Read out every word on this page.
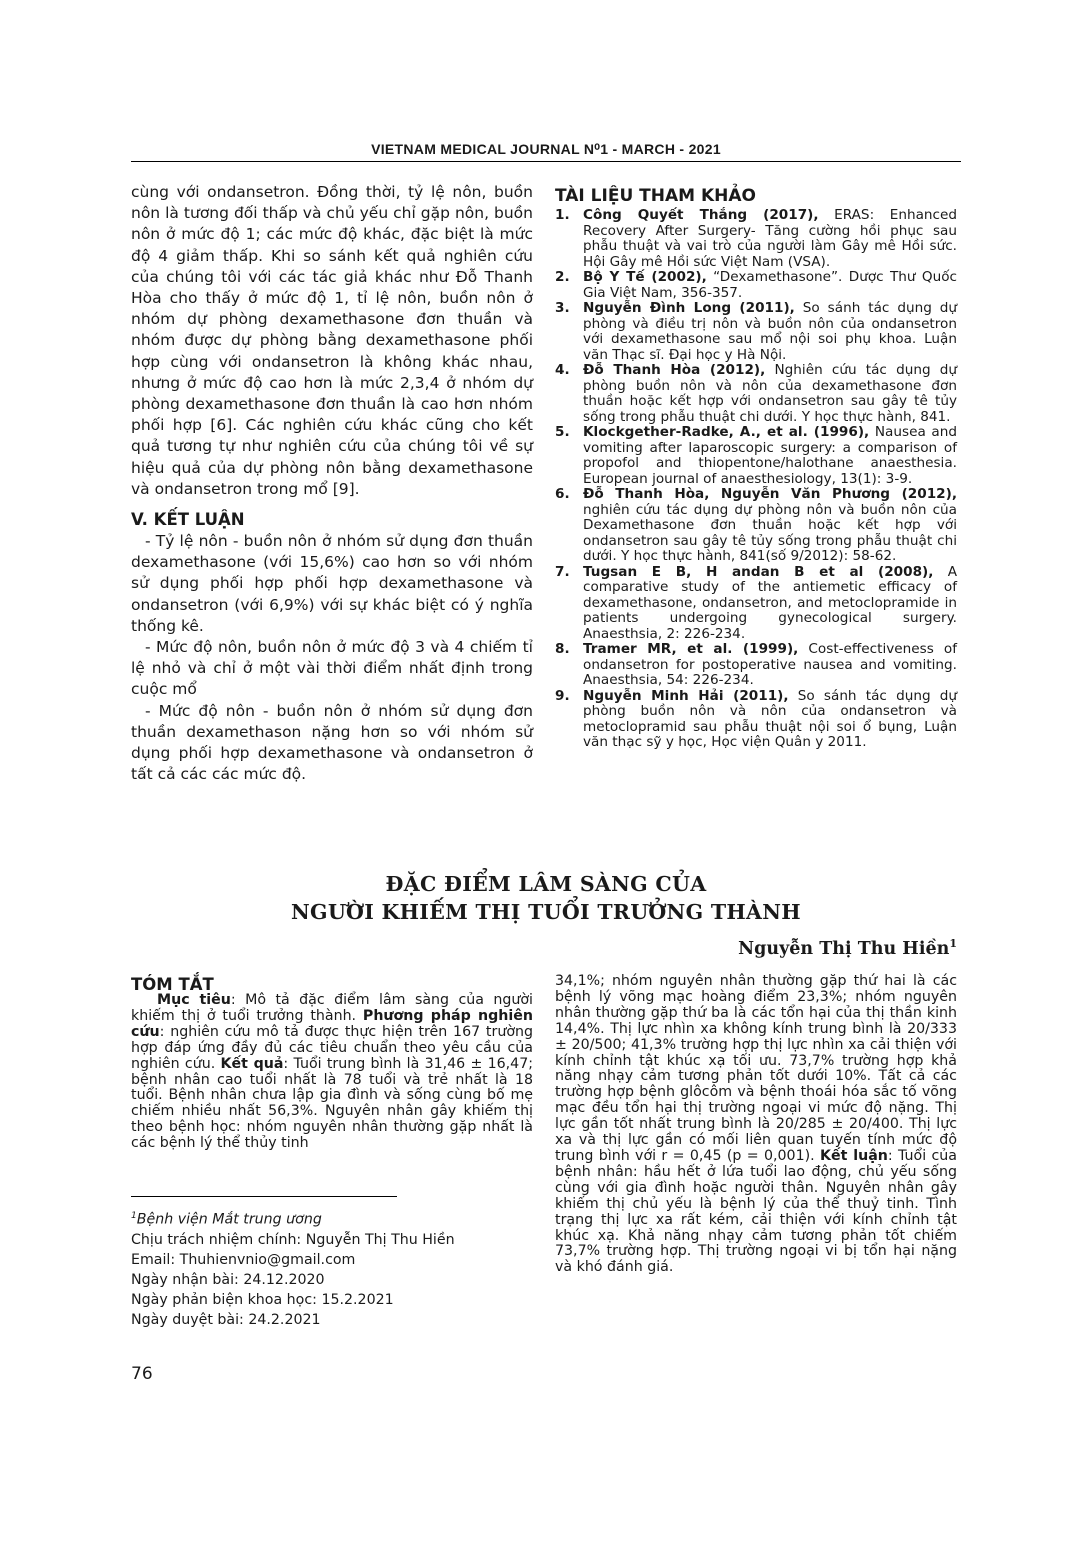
VIETNAM MEDICAL JOURNAL N⁰1 - MARCH - 2021

cùng với ondansetron. Đồng thời, tỷ lệ nôn, buồn nôn là tương đối thấp và chủ yếu chỉ gặp nôn, buồn nôn ở mức độ 1; các mức độ khác, đặc biệt là mức độ 4 giảm thấp. Khi so sánh kết quả nghiên cứu của chúng tôi với các tác giả khác như Đỗ Thanh Hòa cho thấy ở mức độ 1, tỉ lệ nôn, buồn nôn ở nhóm dự phòng dexamethasone đơn thuần và nhóm được dự phòng bằng dexamethasone phối hợp cùng với ondansetron là không khác nhau, nhưng ở mức độ cao hơn là mức 2,3,4 ở nhóm dự phòng dexamethasone đơn thuần là cao hơn nhóm phối hợp [6]. Các nghiên cứu khác cũng cho kết quả tương tự như nghiên cứu của chúng tôi về sự hiệu quả của dự phòng nôn bằng dexamethasone và ondansetron trong mổ [9].

V. KẾT LUẬN

- Tỷ lệ nôn - buồn nôn ở nhóm sử dụng đơn thuần dexamethasone (với 15,6%) cao hơn so với nhóm sử dụng phối hợp phối hợp dexamethasone và ondansetron (với 6,9%) với sự khác biệt có ý nghĩa thống kê.

- Mức độ nôn, buồn nôn ở mức độ 3 và 4 chiếm tỉ lệ nhỏ và chỉ ở một vài thời điểm nhất định trong cuộc mổ

- Mức độ nôn - buồn nôn ở nhóm sử dụng đơn thuần dexamethason nặng hơn so với nhóm sử dụng phối hợp dexamethasone và ondansetron ở tất cả các các mức độ.

TÀI LIỆU THAM KHẢO
1. Công Quyết Thắng (2017), ERAS: Enhanced Recovery After Surgery- Tăng cường hồi phục sau phẫu thuật và vai trò của người làm Gây mê Hồi sức. Hội Gây mê Hồi sức Việt Nam (VSA).
2. Bộ Y Tế (2002), “Dexamethasone”. Dược Thư Quốc Gia Việt Nam, 356-357.
3. Nguyễn Đình Long (2011), So sánh tác dụng dự phòng và điều trị nôn và buồn nôn của ondansetron với dexamethasone sau mổ nội soi phụ khoa. Luận văn Thạc sĩ. Đại học y Hà Nội.
4. Đỗ Thanh Hòa (2012), Nghiên cứu tác dụng dự phòng buồn nôn và nôn của dexamethasone đơn thuần hoặc kết hợp với ondansetron sau gây tê tủy sống trong phẫu thuật chi dưới. Y học thực hành, 841.
5. Klockgether-Radke, A., et al. (1996), Nausea and vomiting after laparoscopic surgery: a comparison of propofol and thiopentone/halothane anaesthesia. European journal of anaesthesiology, 13(1): 3-9.
6. Đỗ Thanh Hòa, Nguyễn Văn Phương (2012), nghiên cứu tác dụng dự phòng nôn và buồn nôn của Dexamethasone đơn thuần hoặc kết hợp với ondansetron sau gây tê tủy sống trong phẫu thuật chi dưới. Y học thực hành, 841(số 9/2012): 58-62.
7. Tugsan E B, H andan B et al (2008), A comparative study of the antiemetic efficacy of dexamethasone, ondansetron, and metoclopramide in patients undergoing gynecological surgery. Anaesthsia, 2: 226-234.
8. Tramer MR, et al. (1999), Cost-effectiveness of ondansetron for postoperative nausea and vomiting. Anaesthsia, 54: 226-234.
9. Nguyễn Minh Hải (2011), So sánh tác dụng dự phòng buồn nôn và nôn của ondansetron và metoclopramid sau phẫu thuật nội soi ổ bụng, Luận văn thạc sỹ y học, Học viện Quân y 2011.
ĐẶC ĐIỂM LÂM SÀNG CỦA
NGƯỜI KHIẾM THỊ TUỔI TRƯỞNG THÀNH
Nguyễn Thị Thu Hiền$^1$
TÓM TẮT
Mục tiêu: Mô tả đặc điểm lâm sàng của người khiếm thị ở tuổi trưởng thành. Phương pháp nghiên cứu: nghiên cứu mô tả được thực hiện trên 167 trường hợp đáp ứng đầy đủ các tiêu chuẩn theo yêu cầu của nghiên cứu. Kết quả: Tuổi trung bình là 31,46 ± 16,47; bệnh nhân cao tuổi nhất là 78 tuổi và trẻ nhất là 18 tuổi. Bệnh nhân chưa lập gia đình và sống cùng bố mẹ chiếm nhiều nhất 56,3%. Nguyên nhân gây khiếm thị theo bệnh học: nhóm nguyên nhân thường gặp nhất là các bệnh lý thể thủy tinh
34,1%; nhóm nguyên nhân thường gặp thứ hai là các bệnh lý võng mạc hoàng điểm 23,3%; nhóm nguyên nhân thường gặp thứ ba là các tổn hại của thị thần kinh 14,4%. Thị lực nhìn xa không kính trung bình là 20/333 ± 20/500; 41,3% trường hợp thị lực nhìn xa cải thiện với kính chỉnh tật khúc xạ tối ưu. 73,7% trường hợp khả năng nhạy cảm tương phản tốt dưới 10%. Tất cả các trường hợp bệnh glôcôm và bệnh thoái hóa sắc tố võng mạc đều tổn hại thị trường ngoại vi mức độ nặng. Thị lực gần tốt nhất trung bình là 20/285 ± 20/400. Thị lực xa và thị lực gần có mối liên quan tuyến tính mức độ trung bình với r = 0,45 (p = 0,001). Kết luận: Tuổi của bệnh nhân: hầu hết ở lứa tuổi lao động, chủ yếu sống cùng với gia đình hoặc người thân. Nguyên nhân gây khiếm thị chủ yếu là bệnh lý của thể thuỷ tinh. Tình trạng thị lực xa rất kém, cải thiện với kính chỉnh tật khúc xạ. Khả năng nhạy cảm tương phản tốt chiếm 73,7% trường hợp. Thị trường ngoại vi bị tổn hại nặng và khó đánh giá.
$^1$Bệnh viện Mắt trung ương
Chịu trách nhiệm chính: Nguyễn Thị Thu Hiền
Email: Thuhienvnio@gmail.com
Ngày nhận bài: 24.12.2020
Ngày phản biện khoa học: 15.2.2021
Ngày duyệt bài: 24.2.2021
76
